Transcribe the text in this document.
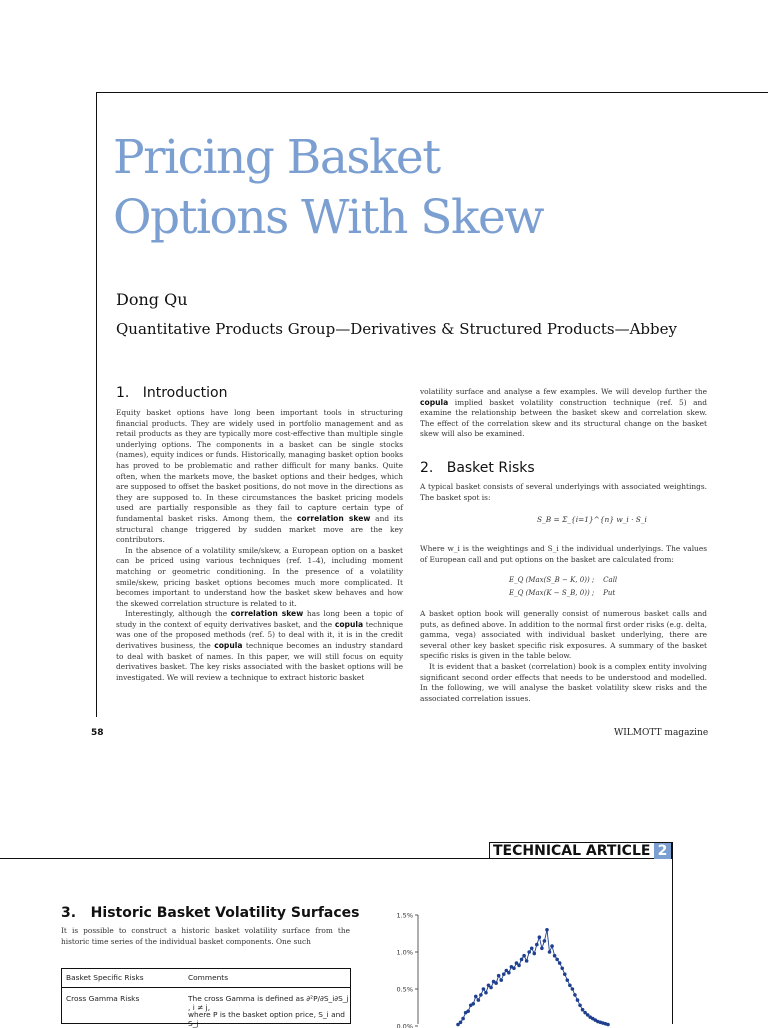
Pricing Basket
Options With Skew
Dong Qu
Quantitative Products Group—Derivatives & Structured Products—Abbey
1.   Introduction

Equity basket options have long been important tools in structuring financial products. They are widely used in portfolio management and as retail products as they are typically more cost-effective than multiple single underlying options. The components in a basket can be single stocks (names), equity indices or funds. Historically, managing basket option books has proved to be problematic and rather difficult for many banks. Quite often, when the markets move, the basket options and their hedges, which are supposed to offset the basket positions, do not move in the directions as they are supposed to. In these circumstances the basket pricing models used are partially responsible as they fail to capture certain type of fundamental basket risks. Among them, the correlation skew and its structural change triggered by sudden market move are the key contributors.

In the absence of a volatility smile/skew, a European option on a basket can be priced using various techniques (ref. 1–4), including moment matching or geometric conditioning. In the presence of a volatility smile/skew, pricing basket options becomes much more complicated. It becomes important to understand how the basket skew behaves and how the skewed correlation structure is related to it.

Interestingly, although the correlation skew has long been a topic of study in the context of equity derivatives basket, and the copula technique was one of the proposed methods (ref. 5) to deal with it, it is in the credit derivatives business, the copula technique becomes an industry standard to deal with basket of names. In this paper, we will still focus on equity derivatives basket. The key risks associated with the basket options will be investigated. We will review a technique to extract historic basket

volatility surface and analyse a few examples. We will develop further the copula implied basket volatility construction technique (ref. 5) and examine the relationship between the basket skew and correlation skew. The effect of the correlation skew and its structural change on the basket skew will also be examined.

2.   Basket Risks
A typical basket consists of several underlyings with associated weightings. The basket spot is:
S_B = Σ_{i=1}^{n} w_i · S_i
Where w_i is the weightings and S_i the individual underlyings. The values of European call and put options on the basket are calculated from:
E_Q (Max(S_B − K, 0)) ;    Call
E_Q (Max(K − S_B, 0)) ;    Put

A basket option book will generally consist of numerous basket calls and puts, as defined above. In addition to the normal first order risks (e.g. delta, gamma, vega) associated with individual basket underlying, there are several other key basket specific risk exposures. A summary of the basket specific risks is given in the table below.

It is evident that a basket (correlation) book is a complex entity involving significant second order effects that needs to be understood and modelled. In the following, we will analyse the basket volatility skew risks and the associated correlation issues.

58	WILMOTT magazine
TECHNICAL ARTICLE 2
3.   Historic Basket Volatility Surfaces
It is possible to construct a historic basket volatility surface from the historic time series of the individual basket components. One such
Basket Specific Risks	Comments
Cross Gamma Risks	The cross Gamma is defined as ∂²P/∂S_i∂S_j , i ≠ j,
where P is the basket option price, S_i and S_j
1.5%
1.0%
0.5%
0.0%
